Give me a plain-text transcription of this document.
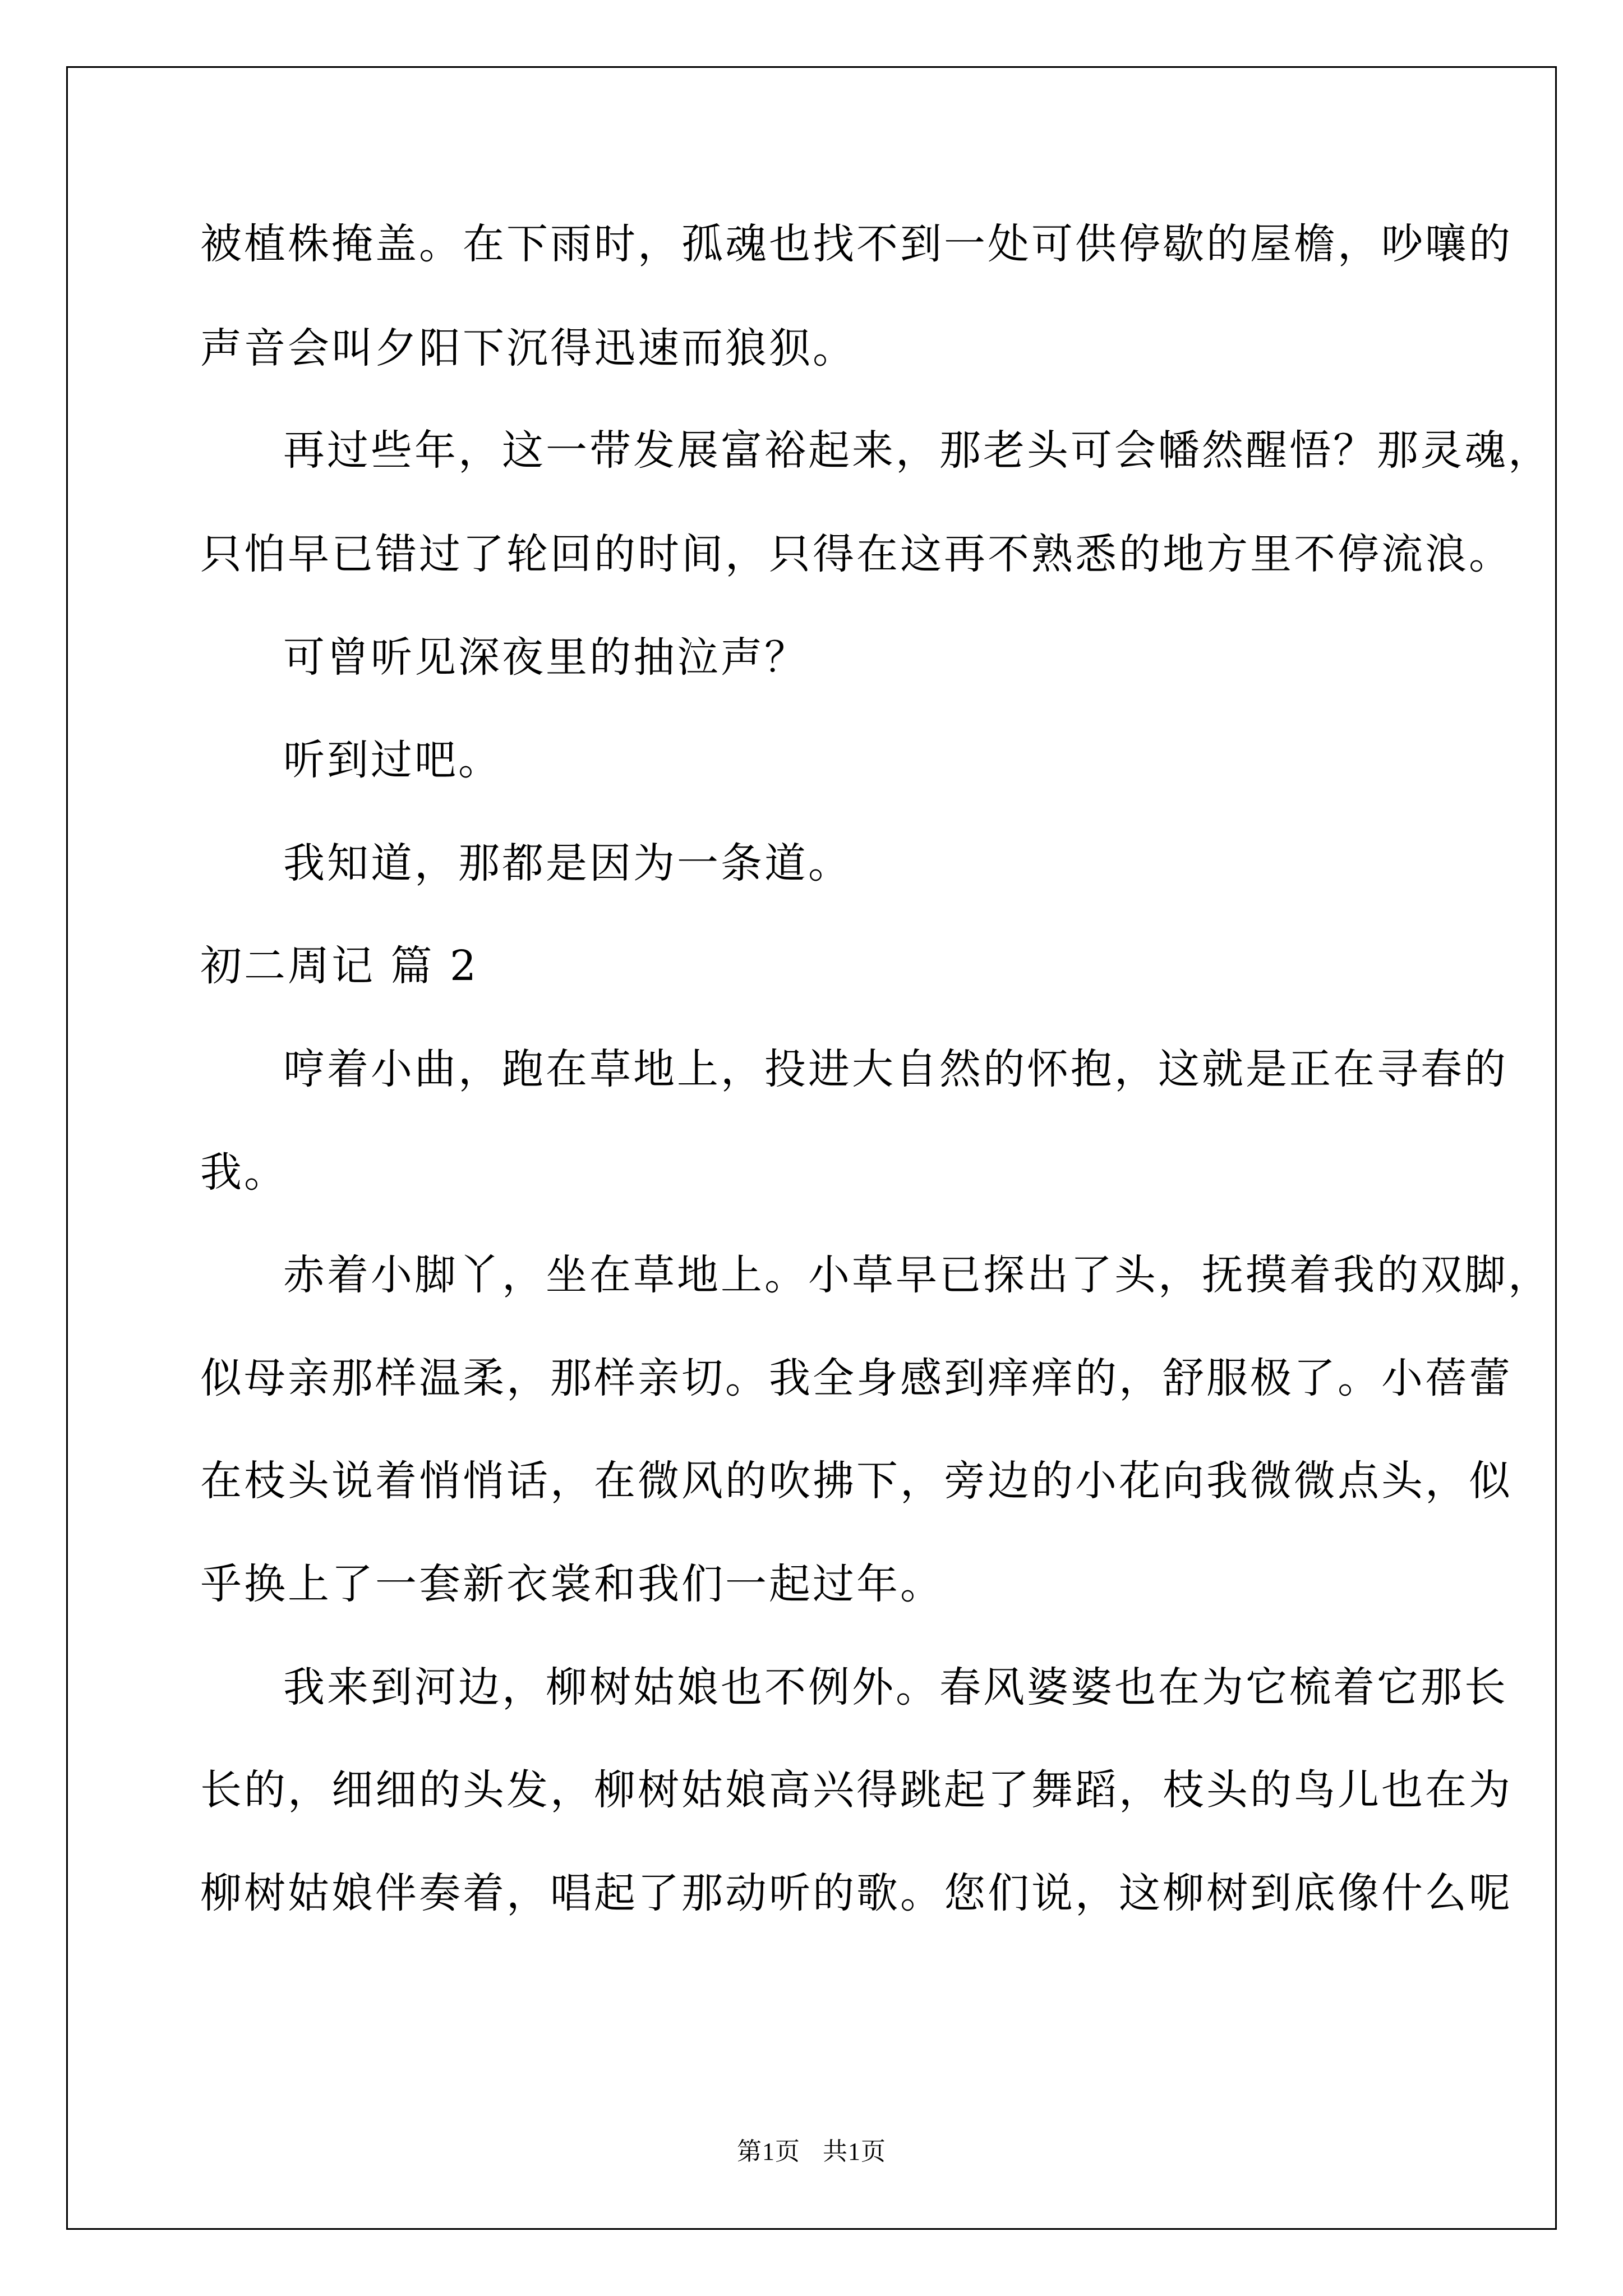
被植株掩盖。在下雨时，孤魂也找不到一处可供停歇的屋檐，吵嚷的
声音会叫夕阳下沉得迅速而狼狈。
再过些年，这一带发展富裕起来，那老头可会幡然醒悟？那灵魂，
只怕早已错过了轮回的时间，只得在这再不熟悉的地方里不停流浪。
可曾听见深夜里的抽泣声？
听到过吧。
我知道，那都是因为一条道。
初二周记 篇 2
哼着小曲，跑在草地上，投进大自然的怀抱，这就是正在寻春的
我。
赤着小脚丫，坐在草地上。小草早已探出了头，抚摸着我的双脚，
似母亲那样温柔，那样亲切。我全身感到痒痒的，舒服极了。小蓓蕾
在枝头说着悄悄话，在微风的吹拂下，旁边的小花向我微微点头，似
乎换上了一套新衣裳和我们一起过年。
我来到河边，柳树姑娘也不例外。春风婆婆也在为它梳着它那长
长的，细细的头发，柳树姑娘高兴得跳起了舞蹈，枝头的鸟儿也在为
柳树姑娘伴奏着，唱起了那动听的歌。您们说，这柳树到底像什么呢
第1页 共1页
